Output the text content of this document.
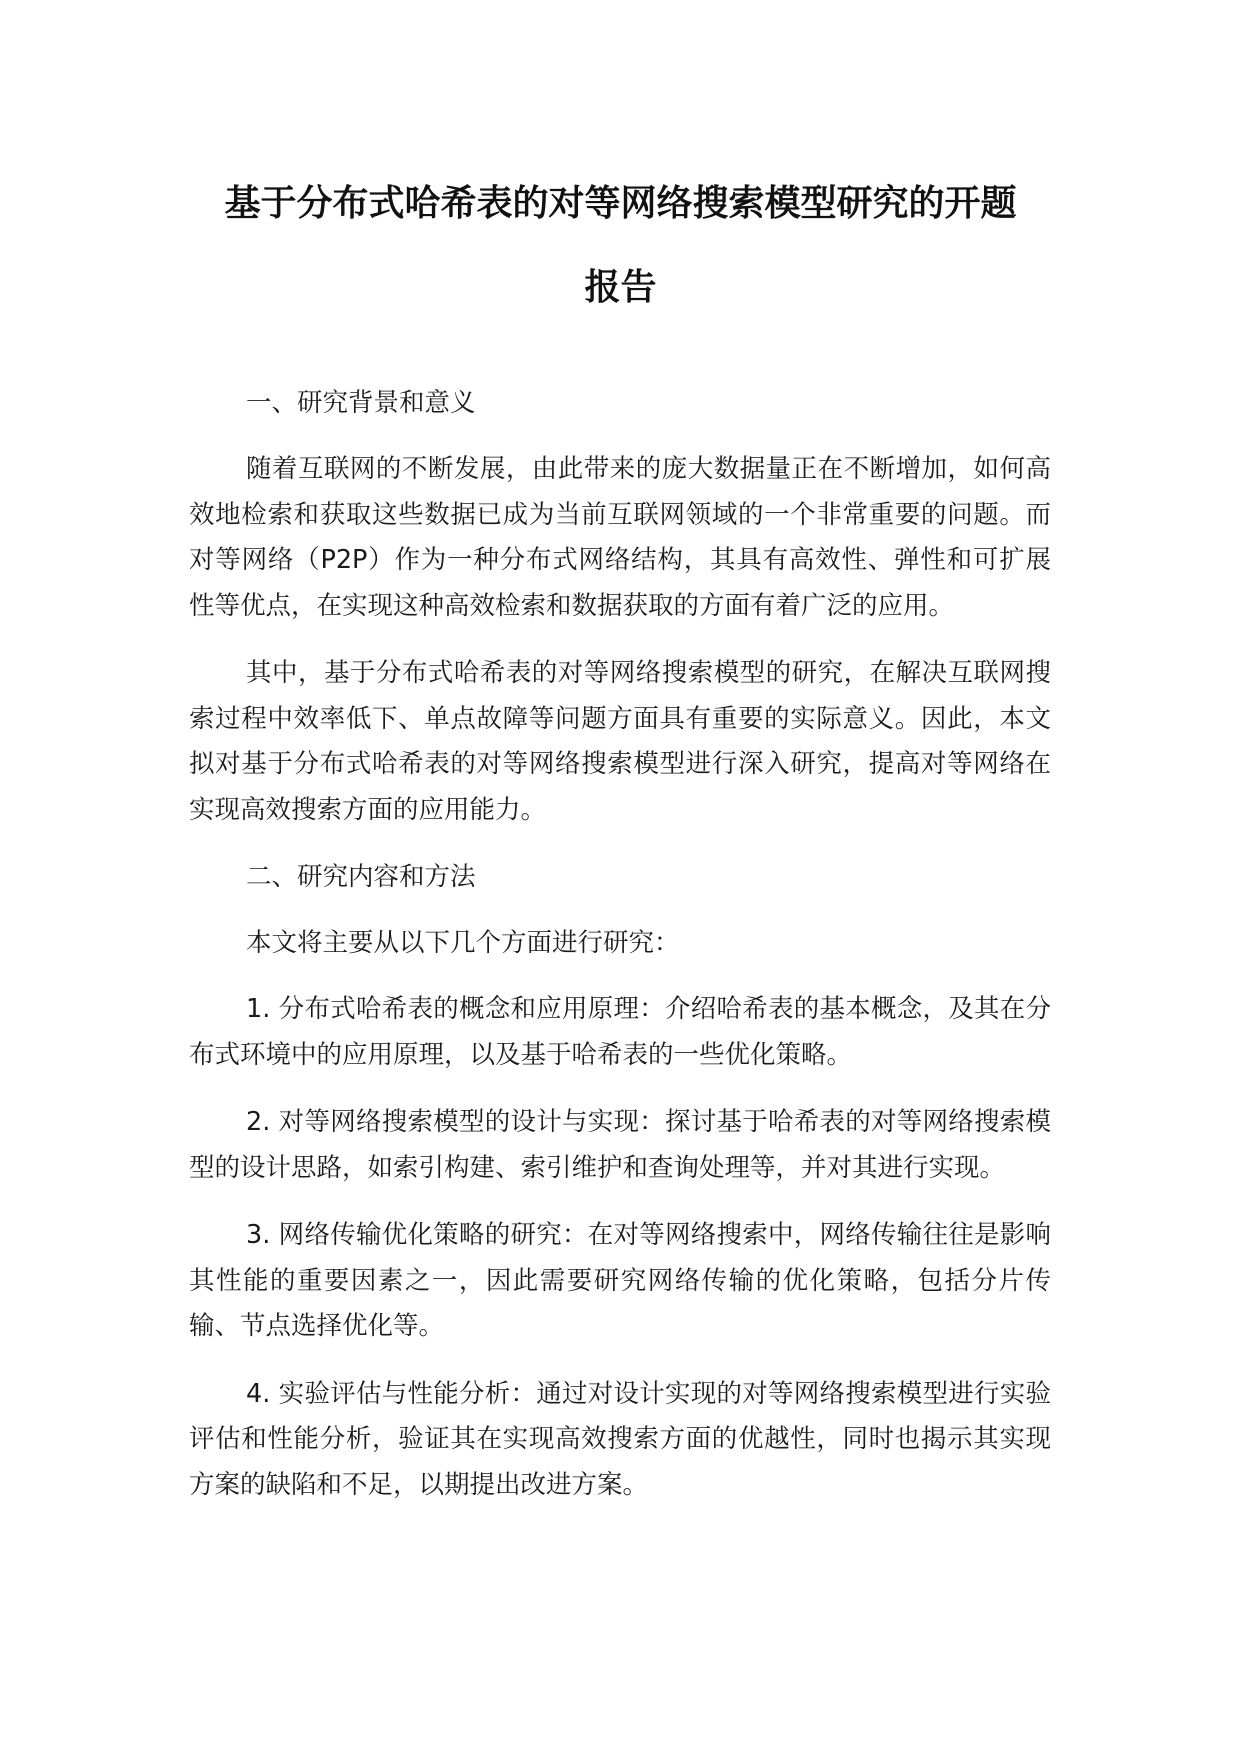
基于分布式哈希表的对等网络搜索模型研究的开题
报告
一、研究背景和意义

随着互联网的不断发展，由此带来的庞大数据量正在不断增加，如何高效地检索和获取这些数据已成为当前互联网领域的一个非常重要的问题。而对等网络（P2P）作为一种分布式网络结构，其具有高效性、弹性和可扩展性等优点，在实现这种高效检索和数据获取的方面有着广泛的应用。

其中，基于分布式哈希表的对等网络搜索模型的研究，在解决互联网搜索过程中效率低下、单点故障等问题方面具有重要的实际意义。因此，本文拟对基于分布式哈希表的对等网络搜索模型进行深入研究，提高对等网络在实现高效搜索方面的应用能力。

二、研究内容和方法
本文将主要从以下几个方面进行研究：

1. 分布式哈希表的概念和应用原理：介绍哈希表的基本概念，及其在分布式环境中的应用原理，以及基于哈希表的一些优化策略。

2. 对等网络搜索模型的设计与实现：探讨基于哈希表的对等网络搜索模型的设计思路，如索引构建、索引维护和查询处理等，并对其进行实现。

3. 网络传输优化策略的研究：在对等网络搜索中，网络传输往往是影响其性能的重要因素之一，因此需要研究网络传输的优化策略，包括分片传输、节点选择优化等。

4. 实验评估与性能分析：通过对设计实现的对等网络搜索模型进行实验评估和性能分析，验证其在实现高效搜索方面的优越性，同时也揭示其实现方案的缺陷和不足，以期提出改进方案。
